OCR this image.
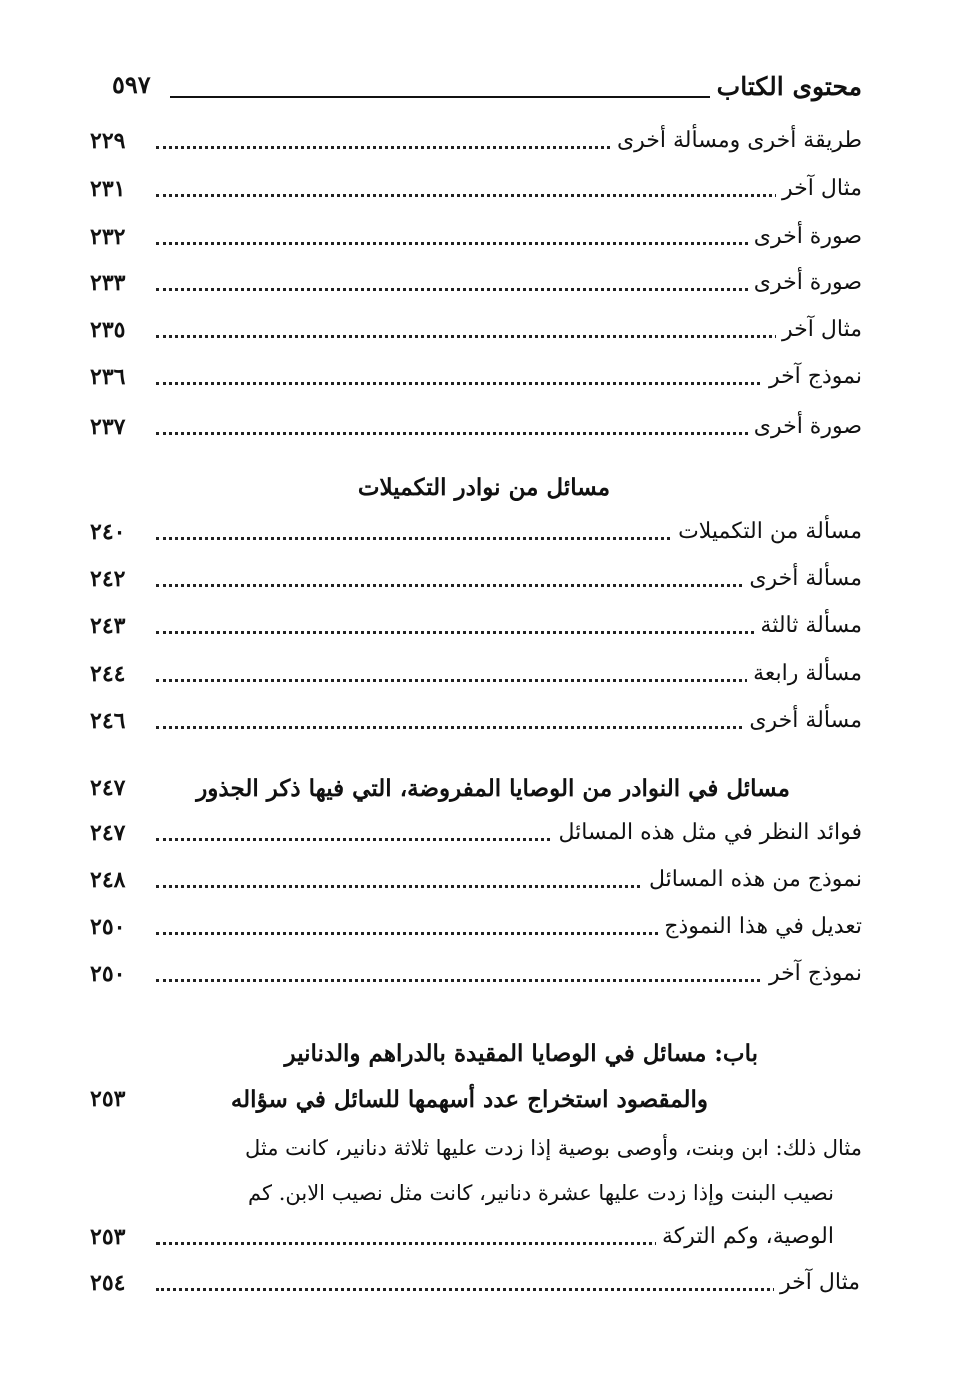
محتوى الكتاب
٥٩٧
طريقة أخرى ومسألة أخرى
٢٢٩
مثال آخر
٢٣١
صورة أخرى
٢٣٢
صورة أخرى
٢٣٣
مثال آخر
٢٣٥
نموذج آخر
٢٣٦
صورة أخرى
٢٣٧
مسائل من نوادر التكميلات
مسألة من التكميلات
٢٤٠
مسألة أخرى
٢٤٢
مسألة ثالثة
٢٤٣
مسألة رابعة
٢٤٤
مسألة أخرى
٢٤٦
مسائل في النوادر من الوصايا المفروضة، التي فيها ذكر الجذور
٢٤٧
فوائد النظر في مثل هذه المسائل
٢٤٧
نموذج من هذه المسائل
٢٤٨
تعديل في هذا النموذج
٢٥٠
نموذج آخر
٢٥٠
باب: مسائل في الوصايا المقيدة بالدراهم والدنانير
والمقصود استخراج عدد أسهمها للسائل في سؤاله
٢٥٣
مثال ذلك: ابن وبنت، وأوصى بوصية إذا زدت عليها ثلاثة دنانير، كانت مثل
نصيب البنت وإذا زدت عليها عشرة دنانير، كانت مثل نصيب الابن. كم
الوصية، وكم التركة
٢٥٣
مثال آخر
٢٥٤
